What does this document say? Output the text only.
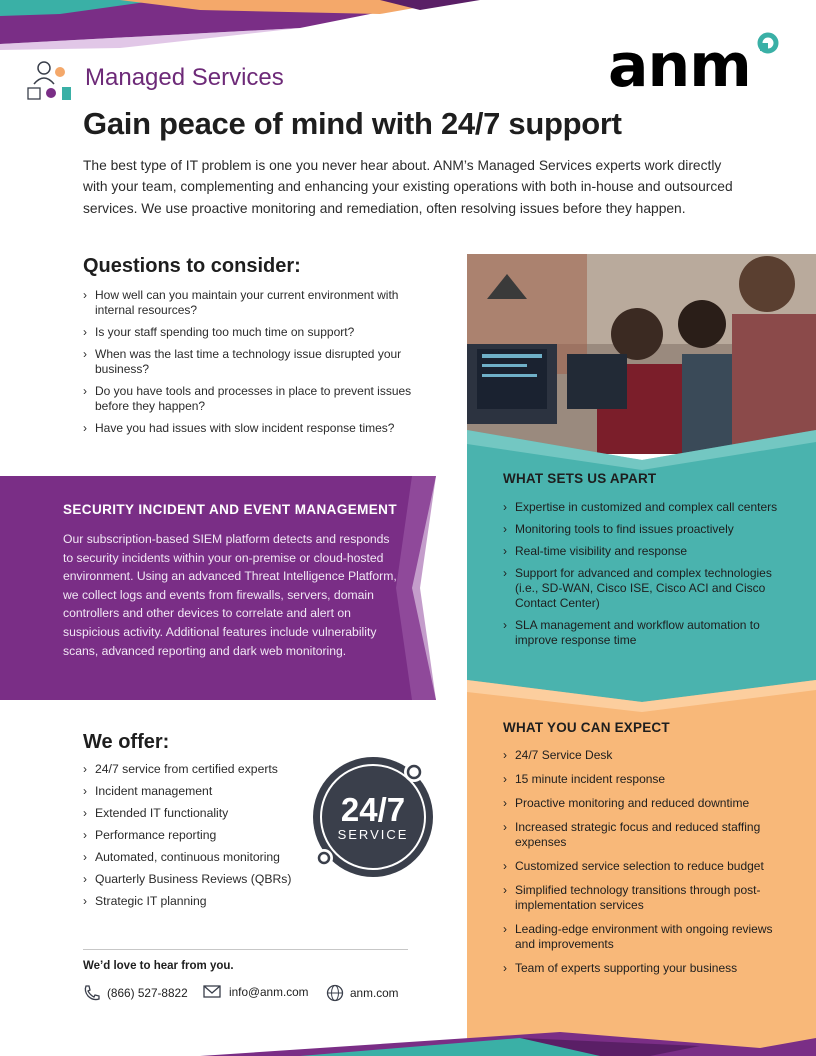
anm
Managed Services
Gain peace of mind with 24/7 support

The best type of IT problem is one you never hear about. ANM’s Managed Services experts work directly with your team, complementing and enhancing your existing operations with both in-house and outsourced services. We use proactive monitoring and remediation, often resolving issues before they happen.

Questions to consider:
› How well can you maintain your current environment with internal resources?
› Is your staff spending too much time on support?
› When was the last time a technology issue disrupted your business?
› Do you have tools and processes in place to prevent issues before they happen?
› Have you had issues with slow incident response times?
SECURITY INCIDENT AND EVENT MANAGEMENT

Our subscription-based SIEM platform detects and responds to security incidents within your on-premise or cloud-hosted environment. Using an advanced Threat Intelligence Platform, we collect logs and events from firewalls, servers, domain controllers and other devices to correlate and alert on suspicious activity. Additional features include vulnerability scans, advanced reporting and dark web monitoring.

WHAT SETS US APART
› Expertise in customized and complex call centers
› Monitoring tools to find issues proactively
› Real-time visibility and response
› Support for advanced and complex technologies (i.e., SD-WAN, Cisco ISE, Cisco ACI and Cisco Contact Center)
› SLA management and workflow automation to improve response time
WHAT YOU CAN EXPECT
› 24/7 Service Desk
› 15 minute incident response
› Proactive monitoring and reduced downtime
› Increased strategic focus and reduced staffing expenses
› Customized service selection to reduce budget
› Simplified technology transitions through post-implementation services
› Leading-edge environment with ongoing reviews and improvements
› Team of experts supporting your business
We offer:
› 24/7 service from certified experts
› Incident management
› Extended IT functionality
› Performance reporting
› Automated, continuous monitoring
› Quarterly Business Reviews (QBRs)
› Strategic IT planning
24/7
SERVICE
We’d love to hear from you.
(866) 527-8822	info@anm.com	anm.com
